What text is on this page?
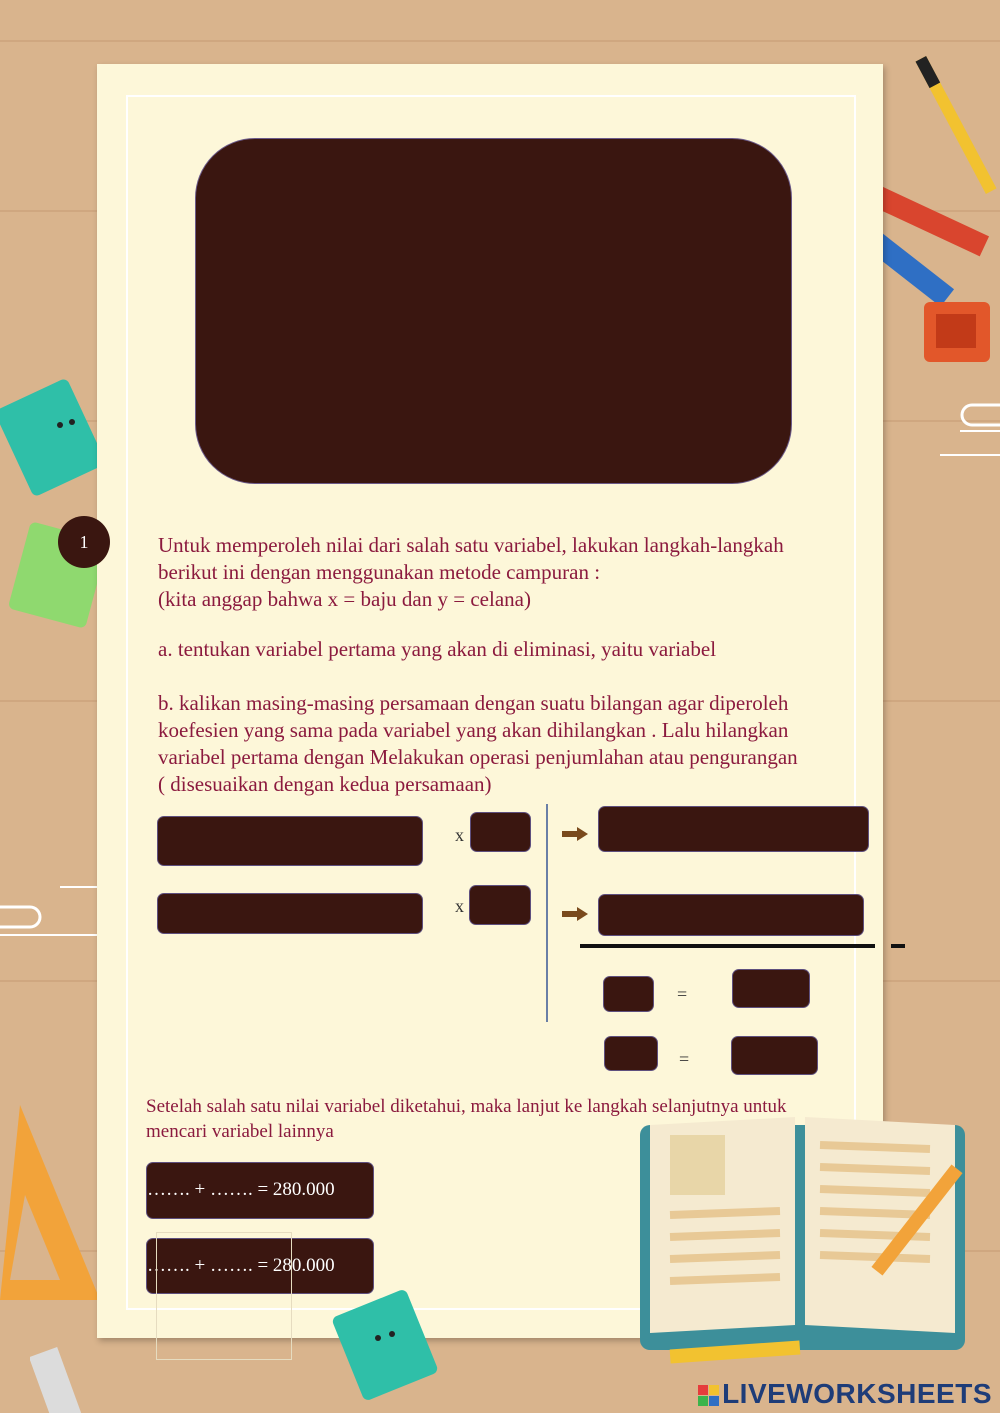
1	Untuk memperoleh nilai dari salah satu variabel, lakukan langkah-langkah
berikut ini dengan menggunakan metode campuran :
(kita anggap bahwa x = baju dan y = celana)
a. tentukan variabel pertama yang akan di eliminasi, yaitu variabel
b. kalikan masing-masing persamaan dengan suatu bilangan agar diperoleh
koefesien yang sama pada variabel yang akan dihilangkan . Lalu hilangkan
variabel pertama dengan Melakukan operasi penjumlahan atau pengurangan
( disesuaikan dengan kedua persamaan)
x
x
=
=
Setelah salah satu nilai variabel diketahui, maka lanjut ke langkah selanjutnya untuk
mencari variabel lainnya
……. + ……. = 280.000
……. + ……. = 280.000
LIVEWORKSHEETS
